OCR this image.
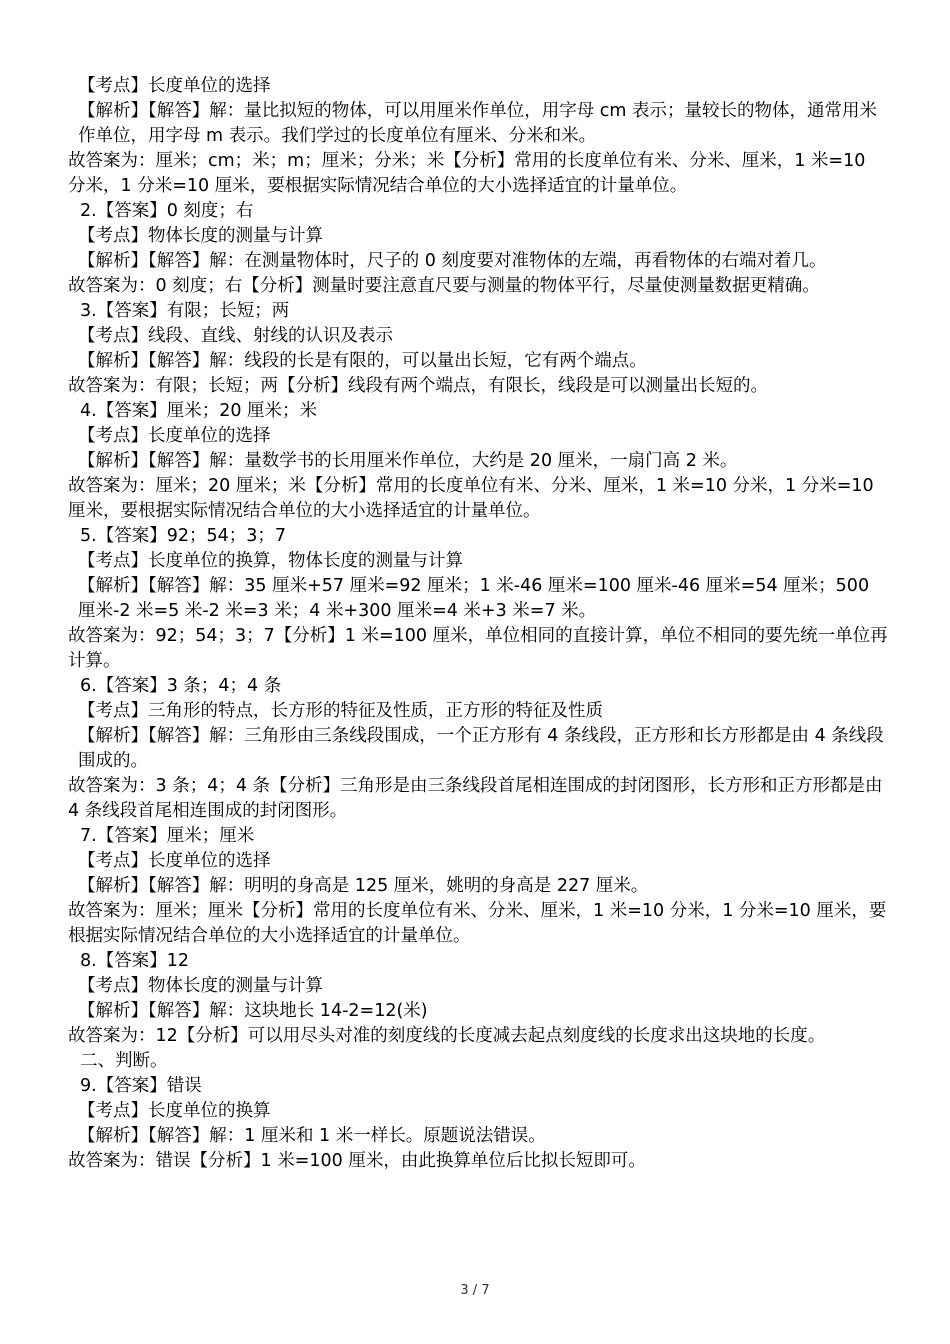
【考点】长度单位的选择
【解析】【解答】解：量比拟短的物体，可以用厘米作单位，用字母 cm 表示；量较长的物体，通常用米作单位，用字母 m 表示。我们学过的长度单位有厘米、分米和米。
故答案为：厘米；cm；米；m；厘米；分米；米【分析】常用的长度单位有米、分米、厘米，1 米=10 分米，1 分米=10 厘米，要根据实际情况结合单位的大小选择适宜的计量单位。
2.【答案】0 刻度；右
【考点】物体长度的测量与计算
【解析】【解答】解：在测量物体时，尺子的 0 刻度要对准物体的左端，再看物体的右端对着几。
故答案为：0 刻度；右【分析】测量时要注意直尺要与测量的物体平行，尽量使测量数据更精确。
3.【答案】有限；长短；两
【考点】线段、直线、射线的认识及表示
【解析】【解答】解：线段的长是有限的，可以量出长短，它有两个端点。
故答案为：有限；长短；两【分析】线段有两个端点，有限长，线段是可以测量出长短的。
4.【答案】厘米；20 厘米；米
【考点】长度单位的选择
【解析】【解答】解：量数学书的长用厘米作单位，大约是 20 厘米，一扇门高 2 米。
故答案为：厘米；20 厘米；米【分析】常用的长度单位有米、分米、厘米，1 米=10 分米，1 分米=10 厘米，要根据实际情况结合单位的大小选择适宜的计量单位。
5.【答案】92；54；3；7
【考点】长度单位的换算，物体长度的测量与计算
【解析】【解答】解：35 厘米+57 厘米=92 厘米；1 米-46 厘米=100 厘米-46 厘米=54 厘米；500 厘米-2 米=5 米-2 米=3 米；4 米+300 厘米=4 米+3 米=7 米。
故答案为：92；54；3；7【分析】1 米=100 厘米，单位相同的直接计算，单位不相同的要先统一单位再计算。
6.【答案】3 条；4；4 条
【考点】三角形的特点，长方形的特征及性质，正方形的特征及性质
【解析】【解答】解：三角形由三条线段围成，一个正方形有 4 条线段，正方形和长方形都是由 4 条线段围成的。
故答案为：3 条；4；4 条【分析】三角形是由三条线段首尾相连围成的封闭图形，长方形和正方形都是由 4 条线段首尾相连围成的封闭图形。
7.【答案】厘米；厘米
【考点】长度单位的选择
【解析】【解答】解：明明的身高是 125 厘米，姚明的身高是 227 厘米。
故答案为：厘米；厘米【分析】常用的长度单位有米、分米、厘米，1 米=10 分米，1 分米=10 厘米，要根据实际情况结合单位的大小选择适宜的计量单位。
8.【答案】12
【考点】物体长度的测量与计算
【解析】【解答】解：这块地长 14-2=12(米)
故答案为：12【分析】可以用尽头对准的刻度线的长度减去起点刻度线的长度求出这块地的长度。
二、判断。
9.【答案】错误
【考点】长度单位的换算
【解析】【解答】解：1 厘米和 1 米一样长。原题说法错误。
故答案为：错误【分析】1 米=100 厘米，由此换算单位后比拟长短即可。
3 / 7
